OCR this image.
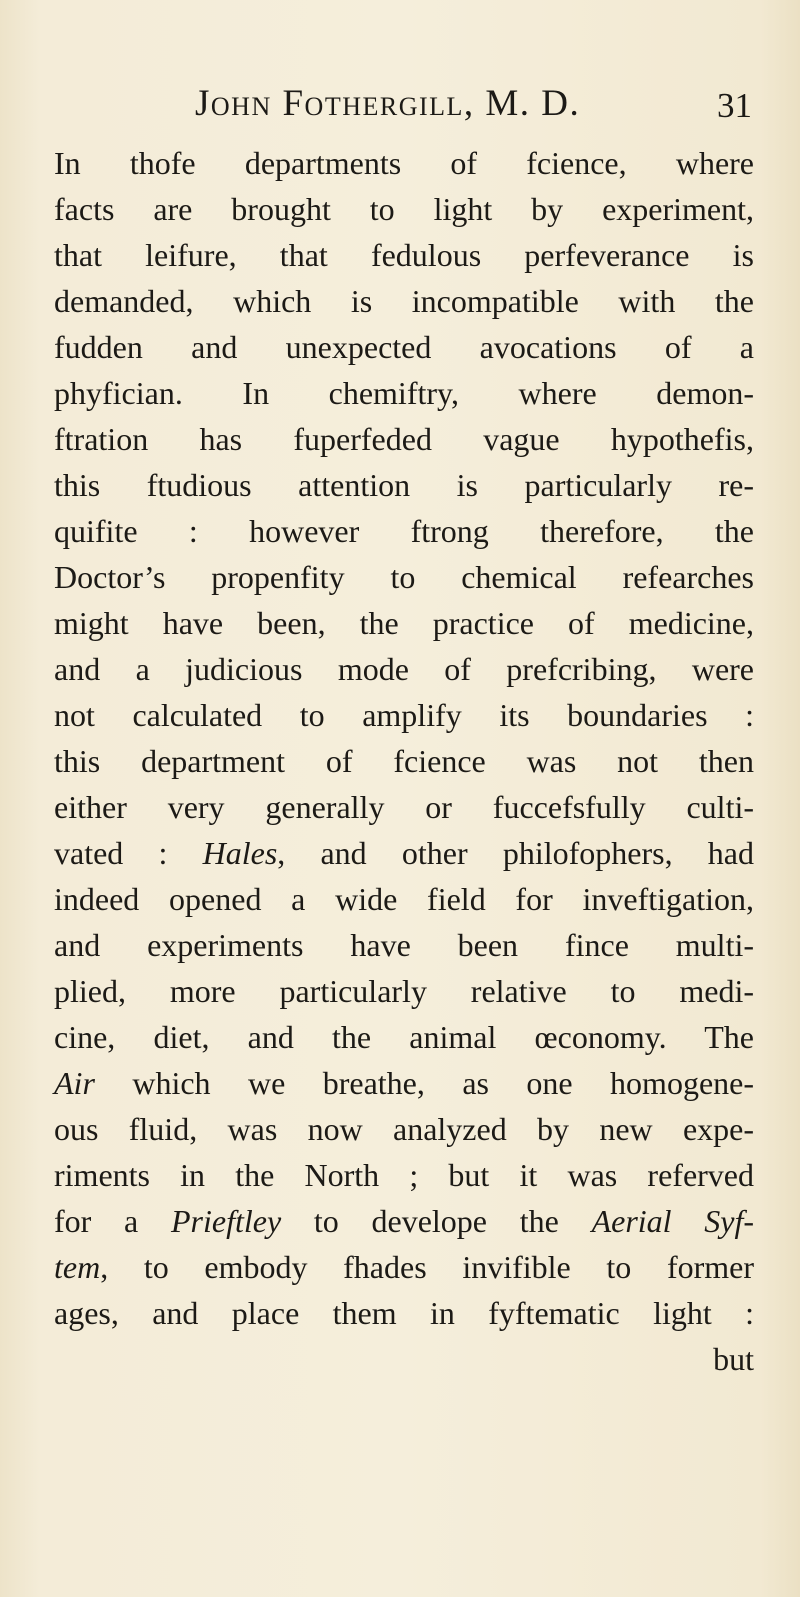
John Fothergill, M. D.	31
In thofe departments of fcience, where
facts are brought to light by experiment,
that leifure, that fedulous perfeverance is
demanded, which is incompatible with the
fudden and unexpected avocations of a
phyfician. In chemiftry, where demon-
ftration has fuperfeded vague hypothefis,
this ftudious attention is particularly re-
quifite : however ftrong therefore, the
Doctor’s propenfity to chemical refearches
might have been, the practice of medicine,
and a judicious mode of prefcribing, were
not calculated to amplify its boundaries :
this department of fcience was not then
either very generally or fuccefsfully culti-
vated : Hales, and other philofophers, had
indeed opened a wide field for inveftigation,
and experiments have been fince multi-
plied, more particularly relative to medi-
cine, diet, and the animal œconomy. The
Air which we breathe, as one homogene-
ous fluid, was now analyzed by new expe-
riments in the North ; but it was referved
for a Prieftley to develope the Aerial Syf-
tem, to embody fhades invifible to former
ages, and place them in fyftematic light :
but
